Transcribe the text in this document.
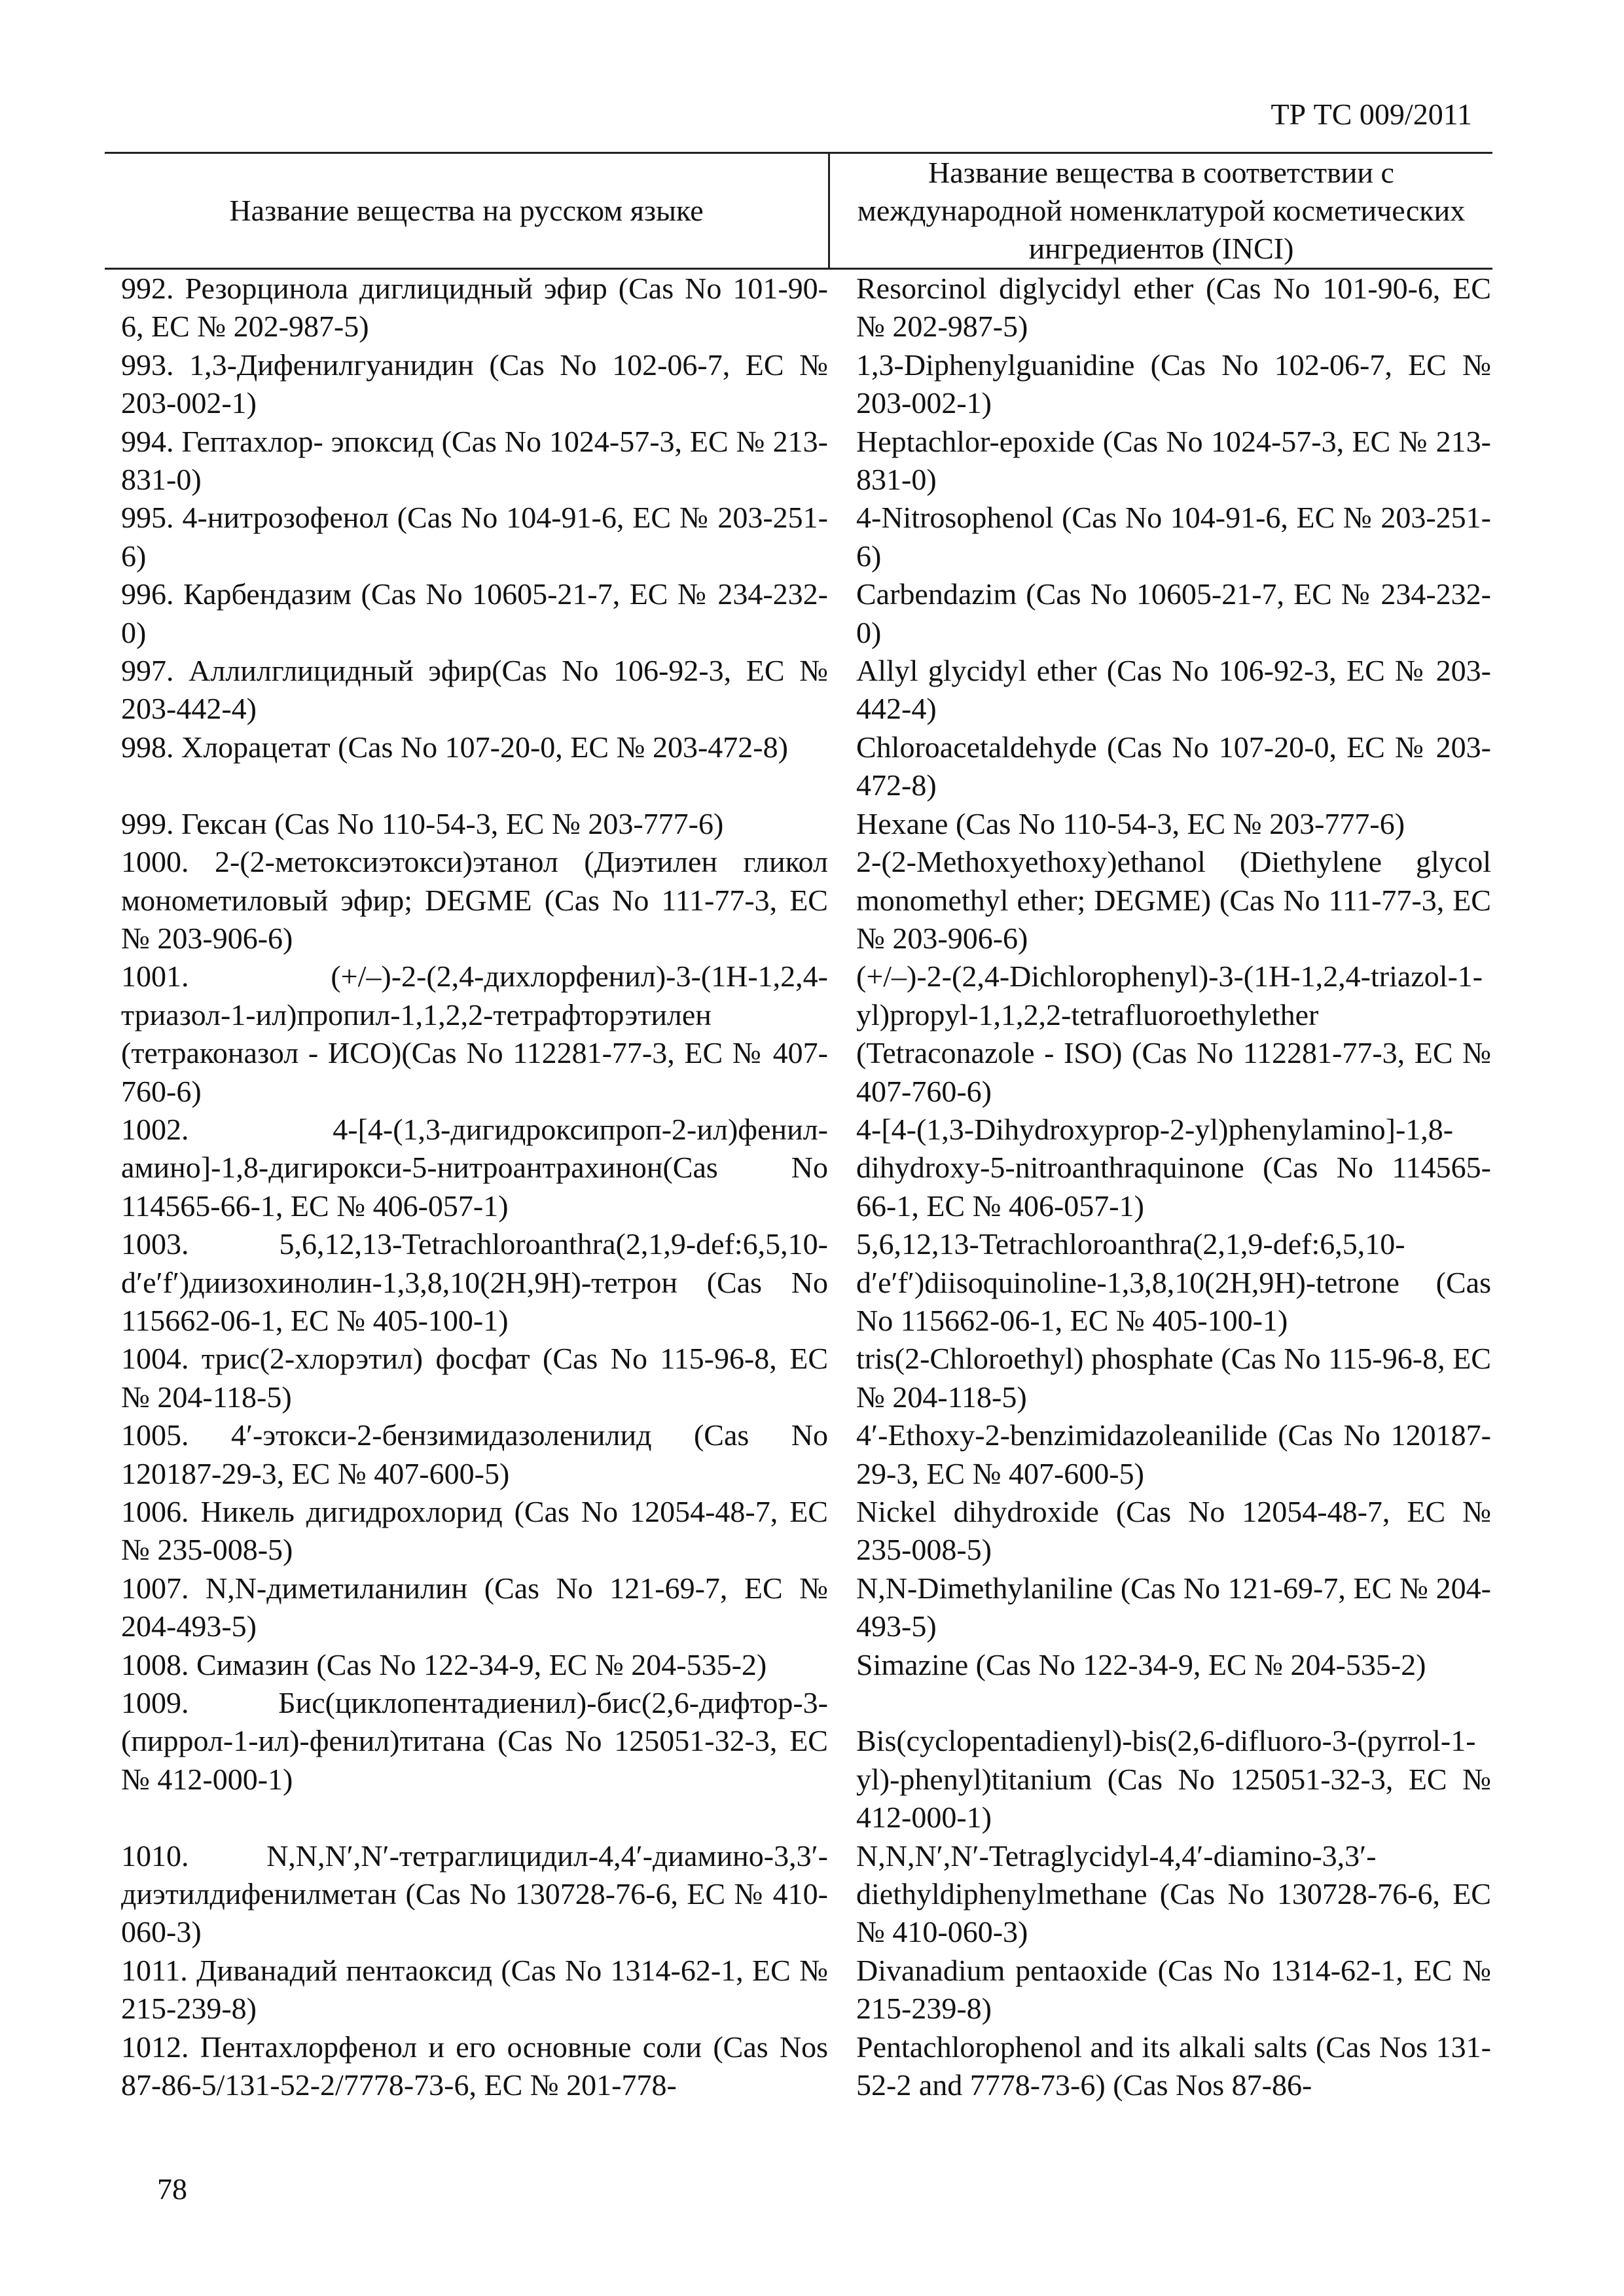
ТР ТС 009/2011
Название вещества на русском языке
Название вещества в соответствии с международной номенклатурой косметических ингредиентов (INCI)
992. Резорцинола диглицидный эфир (Cas No 101-90-6, EC № 202-987-5)
Resorcinol diglycidyl ether (Cas No 101-90-6, EC № 202-987-5)
993. 1,3-Дифенилгуанидин (Cas No 102-06-7, EC № 203-002-1)
1,3-Diphenylguanidine (Cas No 102-06-7, EC № 203-002-1)
994. Гептахлор- эпоксид (Cas No 1024-57-3, EC № 213-831-0)
Heptachlor-epoxide (Cas No 1024-57-3, EC № 213-831-0)
995. 4-нитрозофенол (Cas No 104-91-6, EC № 203-251-6)
4-Nitrosophenol (Cas No 104-91-6, EC № 203-251-6)
996. Карбендазим (Cas No 10605-21-7, EC № 234-232-0)
Carbendazim (Cas No 10605-21-7, EC № 234-232-0)
997. Аллилглицидный эфир(Cas No 106-92-3, EC № 203-442-4)
Allyl glycidyl ether (Cas No 106-92-3, EC № 203-442-4)
998. Хлорацетат (Cas No 107-20-0, EC № 203-472-8)	Chloroacetaldehyde (Cas No 107-20-0, EC № 203-472-8)
999. Гексан (Cas No 110-54-3, EC № 203-777-6)	Hexane (Cas No 110-54-3, EC № 203-777-6)
1000. 2-(2-метоксиэтокси)этанол (Диэтилен гликол монометиловый эфир; DEGME (Cas No 111-77-3, EC № 203-906-6)
2-(2-Methoxyethoxy)ethanol (Diethylene glycol monomethyl ether; DEGME) (Cas No 111-77-3, EC № 203-906-6)
1001. (+/–)-2-(2,4-дихлорфенил)-3-(1H-1,2,4-триазол-1-ил)пропил-1,1,2,2-тетрафторэтилен (тетраконазол - ИСО)(Cas No 112281-77-3, EC № 407-760-6)
(+/–)-2-(2,4-Dichlorophenyl)-3-(1H-1,2,4-triazol-1-yl)propyl-1,1,2,2-tetrafluoroethylether (Tetraconazole - ISO) (Cas No 112281-77-3, EC № 407-760-6)
1002. 4-[4-(1,3-дигидроксипроп-2-ил)фенил-амино]-1,8-дигирокси-5-нитроантрахинон(Cas No 114565-66-1, EC № 406-057-1)
4-[4-(1,3-Dihydroxyprop-2-yl)phenylamino]-1,8-dihydroxy-5-nitroanthraquinone (Cas No 114565-66-1, EC № 406-057-1)
1003. 5,6,12,13-Tetrachloroanthra(2,1,9-def:6,5,10-d′e′f′)диизохинолин-1,3,8,10(2H,9H)-тетрон (Cas No 115662-06-1, EC № 405-100-1)
5,6,12,13-Tetrachloroanthra(2,1,9-def:6,5,10-d′e′f′)diisoquinoline-1,3,8,10(2H,9H)-tetrone (Cas No 115662-06-1, EC № 405-100-1)
1004. трис(2-хлорэтил) фосфат (Cas No 115-96-8, EC № 204-118-5)
tris(2-Chloroethyl) phosphate (Cas No 115-96-8, EC № 204-118-5)
1005. 4′-этокси-2-бензимидазоленилид (Cas No 120187-29-3, EC № 407-600-5)
4′-Ethoxy-2-benzimidazoleanilide (Cas No 120187-29-3, EC № 407-600-5)
1006. Никель дигидрохлорид (Cas No 12054-48-7, EC № 235-008-5)
Nickel dihydroxide (Cas No 12054-48-7, EC № 235-008-5)
1007. N,N-диметиланилин (Cas No 121-69-7, EC № 204-493-5)
N,N-Dimethylaniline (Cas No 121-69-7, EC № 204-493-5)
1008. Симазин (Cas No 122-34-9, EC № 204-535-2)	Simazine (Cas No 122-34-9, EC № 204-535-2)
1009. Бис(циклопентадиенил)-бис(2,6-дифтор-3-(пиррол-1-ил)-фенил)титана (Cas No 125051-32-3, EC № 412-000-1)
Bis(cyclopentadienyl)-bis(2,6-difluoro-3-(pyrrol-1-yl)-phenyl)titanium (Cas No 125051-32-3, EC № 412-000-1)
1010. N,N,N′,N′-тетраглицидил-4,4′-диамино-3,3′-диэтилдифенилметан (Cas No 130728-76-6, EC № 410-060-3)
N,N,N′,N′-Tetraglycidyl-4,4′-diamino-3,3′-diethyldiphenylmethane (Cas No 130728-76-6, EC № 410-060-3)
1011. Диванадий пентаоксид (Cas No 1314-62-1, EC № 215-239-8)
Divanadium pentaoxide (Cas No 1314-62-1, EC № 215-239-8)
1012. Пентахлорфенол и его основные соли (Cas Nos 87-86-5/131-52-2/7778-73-6, EC № 201-778-
Pentachlorophenol and its alkali salts (Cas Nos 131-52-2 and 7778-73-6) (Cas Nos 87-86-
78
